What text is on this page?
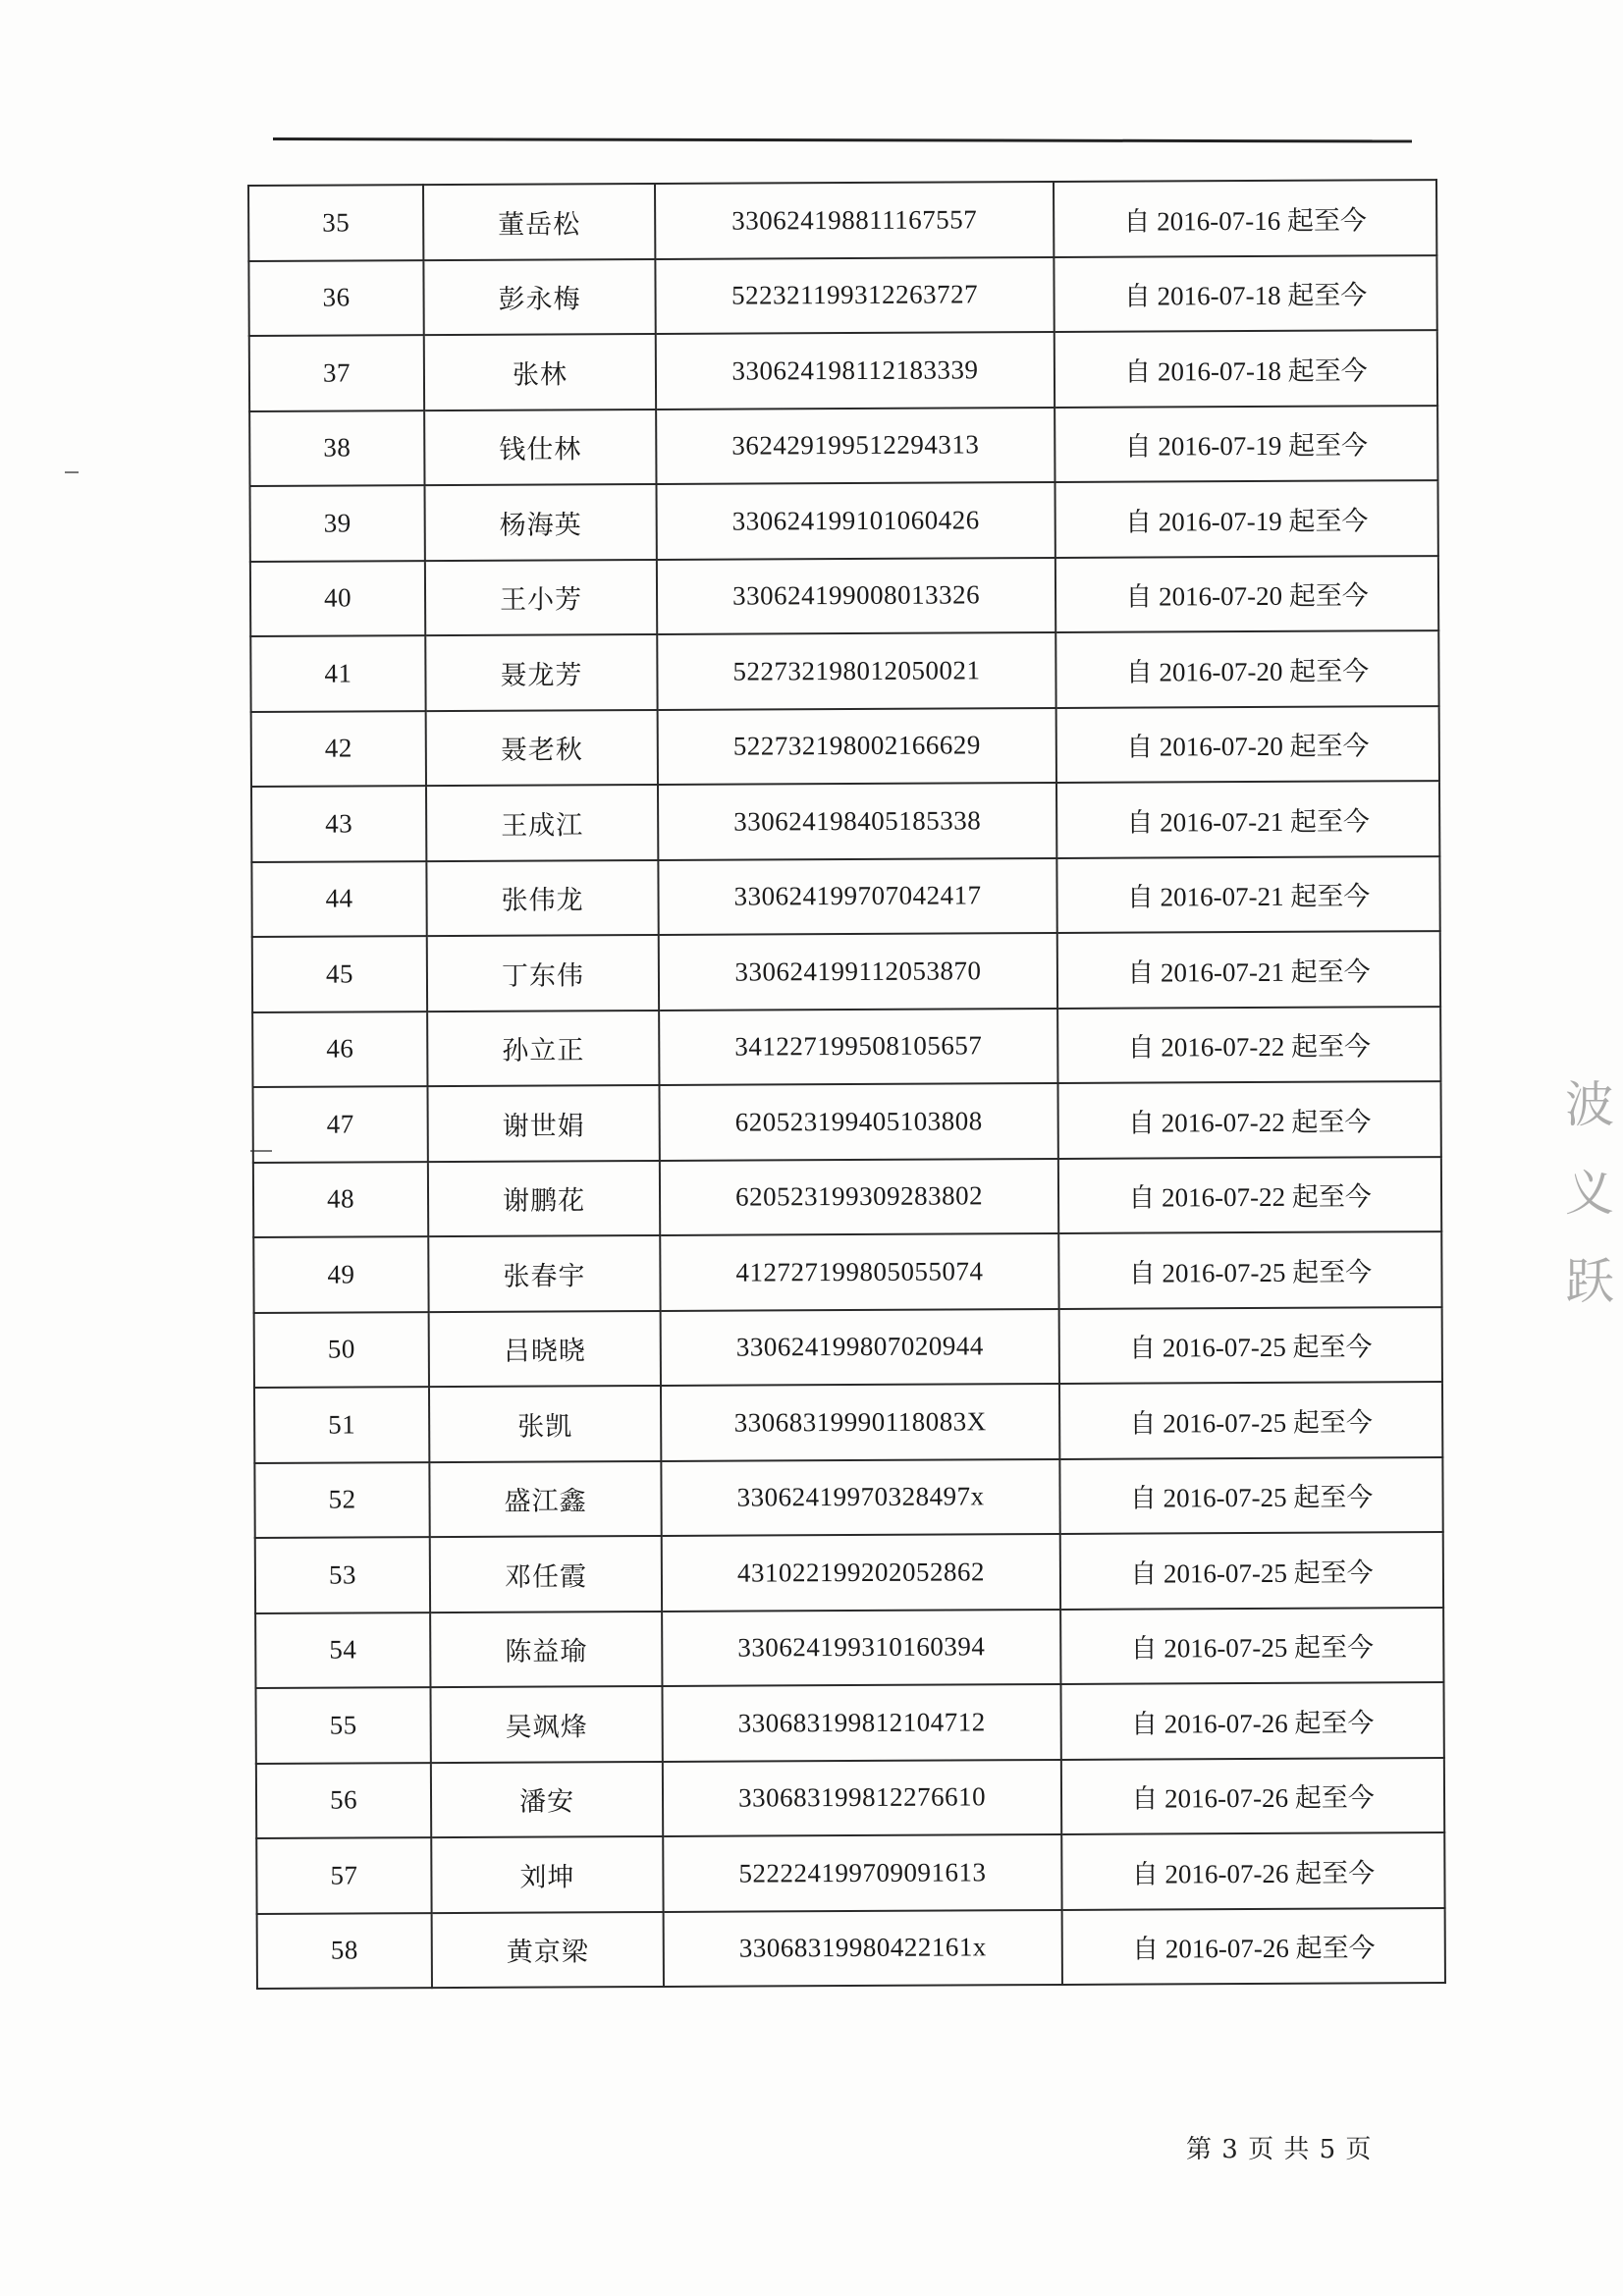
35	董岳松	330624198811167557	自 2016-07-16 起至今
36	彭永梅	522321199312263727	自 2016-07-18 起至今
37	张林	330624198112183339	自 2016-07-18 起至今
38	钱仕林	362429199512294313	自 2016-07-19 起至今
39	杨海英	330624199101060426	自 2016-07-19 起至今
40	王小芳	330624199008013326	自 2016-07-20 起至今
41	聂龙芳	522732198012050021	自 2016-07-20 起至今
42	聂老秋	522732198002166629	自 2016-07-20 起至今
43	王成江	330624198405185338	自 2016-07-21 起至今
44	张伟龙	330624199707042417	自 2016-07-21 起至今
45	丁东伟	330624199112053870	自 2016-07-21 起至今
46	孙立正	341227199508105657	自 2016-07-22 起至今
47	谢世娟	620523199405103808	自 2016-07-22 起至今
48	谢鹏花	620523199309283802	自 2016-07-22 起至今
49	张春宇	412727199805055074	自 2016-07-25 起至今
50	吕晓晓	330624199807020944	自 2016-07-25 起至今
51	张凯	33068319990118083X	自 2016-07-25 起至今
52	盛江鑫	33062419970328497x	自 2016-07-25 起至今
53	邓任霞	431022199202052862	自 2016-07-25 起至今
54	陈益瑜	330624199310160394	自 2016-07-25 起至今
55	吴飒烽	330683199812104712	自 2016-07-26 起至今
56	潘安	330683199812276610	自 2016-07-26 起至今
57	刘坤	522224199709091613	自 2016-07-26 起至今
58	黄京梁	33068319980422161x	自 2016-07-26 起至今
第 3 页 共 5 页
波
义
跃
